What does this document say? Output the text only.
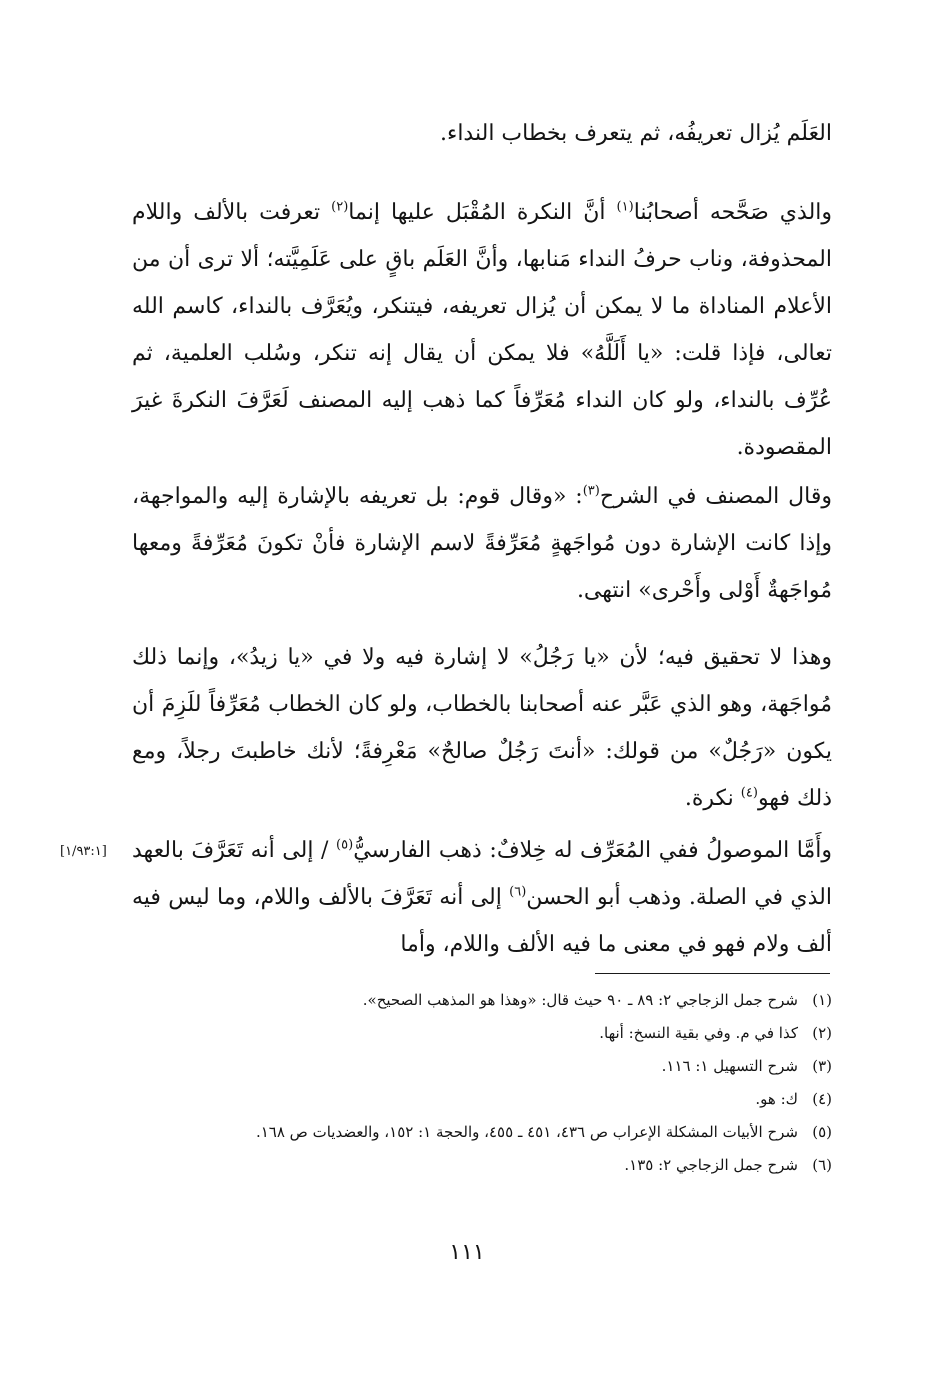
العَلَم يُزال تعريفُه، ثم يتعرف بخطاب النداء.

والذي صَحَّحه أصحابُنا$^{(١)}$ أنَّ النكرة المُقْبَل عليها إنما$^{(٢)}$ تعرفت بالألف واللام المحذوفة، وناب حرفُ النداء مَنابها، وأنَّ العَلَم باقٍ على عَلَمِيَّته؛ ألا ترى أن من الأعلام المناداة ما لا يمكن أن يُزال تعريفه، فيتنكر، ويُعَرَّف بالنداء، كاسم الله تعالى، فإذا قلت: «يا أَلَلَّهُ» فلا يمكن أن يقال إنه تنكر، وسُلب العلمية، ثم عُرِّف بالنداء، ولو كان النداء مُعَرِّفاً كما ذهب إليه المصنف لَعَرَّفَ النكرةَ غيرَ المقصودة.

وقال المصنف في الشرح$^{(٣)}$: «وقال قوم: بل تعريفه بالإشارة إليه والمواجهة، وإذا كانت الإشارة دون مُواجَهةٍ مُعَرِّفةً لاسم الإشارة فأنْ تكونَ مُعَرِّفةً ومعها مُواجَهةٌ أَوْلى وأَحْرى» انتهى.

وهذا لا تحقيق فيه؛ لأن «يا رَجُلُ» لا إشارة فيه ولا في «يا زيدُ»، وإنما ذلك مُواجَهة، وهو الذي عَبَّر عنه أصحابنا بالخطاب، ولو كان الخطاب مُعَرِّفاً للَزِمَ أن يكون «رَجُلٌ» من قولك: «أنتَ رَجُلٌ صالحٌ» مَعْرِفةً؛ لأنك خاطبتَ رجلاً، ومع ذلك فهو$^{(٤)}$ نكرة.

وأَمَّا الموصولُ ففي المُعَرِّف له خِلافٌ: ذهب الفارسيُّ$^{(٥)}$ / إلى أنه تَعَرَّفَ بالعهد الذي في الصلة. وذهب أبو الحسن$^{(٦)}$ إلى أنه تَعَرَّفَ بالألف واللام، وما ليس فيه ألف ولام فهو في معنى ما فيه الألف واللام، وأما

[١/٩٣:١]
(١)
شرح جمل الزجاجي ٢: ٨٩ ـ ٩٠ حيث قال: «وهذا هو المذهب الصحيح».
(٢)
كذا في م. وفي بقية النسخ: أنها.
(٣)
شرح التسهيل ١: ١١٦.
(٤)
ك: هو.
(٥)
شرح الأبيات المشكلة الإعراب ص ٤٣٦، ٤٥١ ـ ٤٥٥، والحجة ١: ١٥٢، والعضديات ص ١٦٨.
(٦)
شرح جمل الزجاجي ٢: ١٣٥.
١١١
